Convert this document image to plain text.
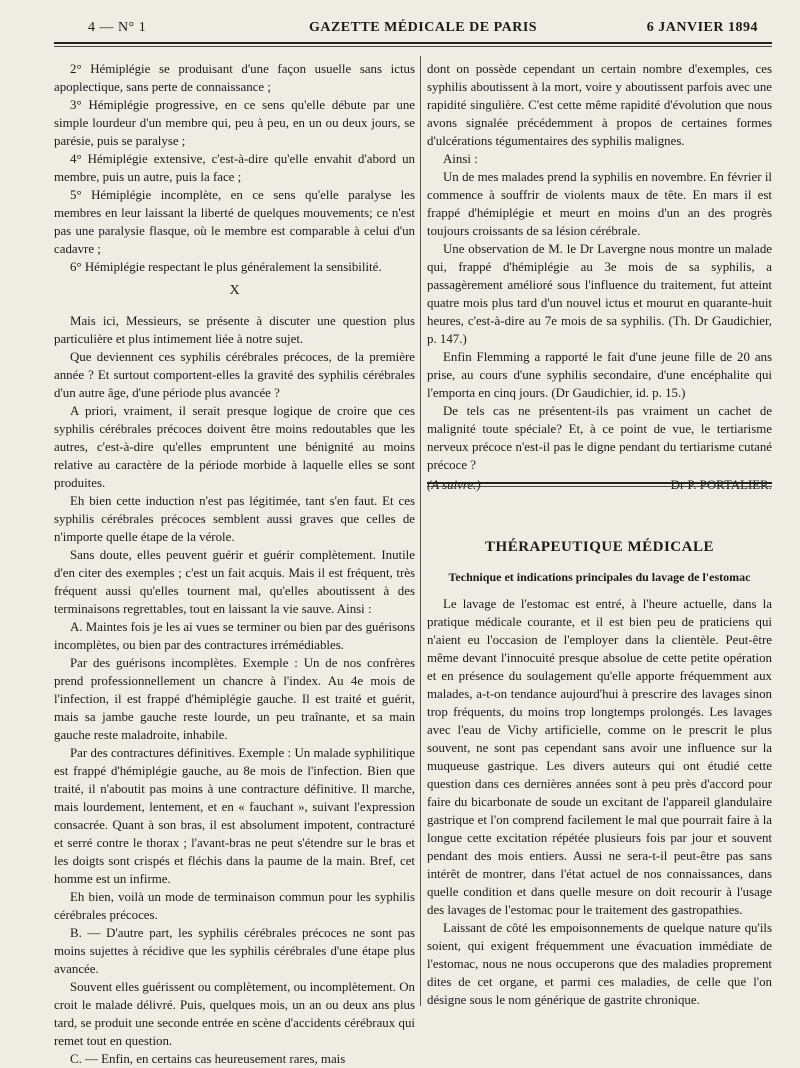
4 — N° 1	GAZETTE MÉDICALE DE PARIS	6 JANVIER 1894

2° Hémiplégie se produisant d'une façon usuelle sans ictus apoplectique, sans perte de connaissance ;

3° Hémiplégie progressive, en ce sens qu'elle débute par une simple lourdeur d'un membre qui, peu à peu, en un ou deux jours, se parésie, puis se paralyse ;

4° Hémiplégie extensive, c'est-à-dire qu'elle envahit d'abord un membre, puis un autre, puis la face ;

5° Hémiplégie incomplète, en ce sens qu'elle paralyse les membres en leur laissant la liberté de quelques mouvements; ce n'est pas une paralysie flasque, où le membre est comparable à celui d'un cadavre ;

6° Hémiplégie respectant le plus généralement la sensibilité.

X

Mais ici, Messieurs, se présente à discuter une question plus particulière et plus intimement liée à notre sujet.

Que deviennent ces syphilis cérébrales précoces, de la première année ? Et surtout comportent-elles la gravité des syphilis cérébrales d'un autre âge, d'une période plus avancée ?

A priori, vraiment, il serait presque logique de croire que ces syphilis cérébrales précoces doivent être moins redoutables que les autres, c'est-à-dire qu'elles empruntent une bénignité au moins relative au caractère de la période morbide à laquelle elles se sont produites.

Eh bien cette induction n'est pas légitimée, tant s'en faut. Et ces syphilis cérébrales précoces semblent aussi graves que celles de n'importe quelle étape de la vérole.

Sans doute, elles peuvent guérir et guérir complètement. Inutile d'en citer des exemples ; c'est un fait acquis. Mais il est fréquent, très fréquent aussi qu'elles tournent mal, qu'elles aboutissent à des terminaisons regrettables, tout en laissant la vie sauve. Ainsi :

A. Maintes fois je les ai vues se terminer ou bien par des guérisons incomplètes, ou bien par des contractures irrémédiables.

Par des guérisons incomplètes. Exemple : Un de nos confrères prend professionnellement un chancre à l'index. Au 4e mois de l'infection, il est frappé d'hémiplégie gauche. Il est traité et guérit, mais sa jambe gauche reste lourde, un peu traînante, et sa main gauche reste maladroite, inhabile.

Par des contractures définitives. Exemple : Un malade syphilitique est frappé d'hémiplégie gauche, au 8e mois de l'infection. Bien que traité, il n'aboutit pas moins à une contracture définitive. Il marche, mais lourdement, lentement, et en « fauchant », suivant l'expression consacrée. Quant à son bras, il est absolument impotent, contracturé et serré contre le thorax ; l'avant-bras ne peut s'étendre sur le bras et les doigts sont crispés et fléchis dans la paume de la main. Bref, cet homme est un infirme.

Eh bien, voilà un mode de terminaison commun pour les syphilis cérébrales précoces.

B. — D'autre part, les syphilis cérébrales précoces ne sont pas moins sujettes à récidive que les syphilis cérébrales d'une étape plus avancée.

Souvent elles guérissent ou complètement, ou incomplètement. On croit le malade délivré. Puis, quelques mois, un an ou deux ans plus tard, se produit une seconde entrée en scène d'accidents cérébraux qui remet tout en question.

C. — Enfin, en certains cas heureusement rares, mais

dont on possède cependant un certain nombre d'exemples, ces syphilis aboutissent à la mort, voire y aboutissent parfois avec une rapidité singulière. C'est cette même rapidité d'évolution que nous avons signalée précédemment à propos de certaines formes d'ulcérations tégumentaires des syphilis malignes.

Ainsi :

Un de mes malades prend la syphilis en novembre. En février il commence à souffrir de violents maux de tête. En mars il est frappé d'hémiplégie et meurt en moins d'un an des progrès toujours croissants de sa lésion cérébrale.

Une observation de M. le Dr Lavergne nous montre un malade qui, frappé d'hémiplégie au 3e mois de sa syphilis, a passagèrement amélioré sous l'influence du traitement, fut atteint quatre mois plus tard d'un nouvel ictus et mourut en quarante-huit heures, c'est-à-dire au 7e mois de sa syphilis. (Th. Dr Gaudichier, p. 147.)

Enfin Flemming a rapporté le fait d'une jeune fille de 20 ans prise, au cours d'une syphilis secondaire, d'une encéphalite qui l'emporta en cinq jours. (Dr Gaudichier, id. p. 15.)

De tels cas ne présentent-ils pas vraiment un cachet de malignité toute spéciale? Et, à ce point de vue, le tertiarisme nerveux précoce n'est-il pas le digne pendant du tertiarisme cutané précoce ?

(A suivre.)	Dr P. PORTALIER.
THÉRAPEUTIQUE MÉDICALE
Technique et indications principales du lavage de l'estomac

Le lavage de l'estomac est entré, à l'heure actuelle, dans la pratique médicale courante, et il est bien peu de praticiens qui n'aient eu l'occasion de l'employer dans la clientèle. Peut-être même devant l'innocuité presque absolue de cette petite opération et en présence du soulagement qu'elle apporte fréquemment aux malades, a-t-on tendance aujourd'hui à prescrire des lavages sinon trop fréquents, du moins trop longtemps prolongés. Les lavages avec l'eau de Vichy artificielle, comme on le prescrit le plus souvent, ne sont pas cependant sans avoir une influence sur la muqueuse gastrique. Les divers auteurs qui ont étudié cette question dans ces dernières années sont à peu près d'accord pour faire du bicarbonate de soude un excitant de l'appareil glandulaire gastrique et l'on comprend facilement le mal que pourrait faire à la longue cette excitation répétée plusieurs fois par jour et souvent pendant des mois entiers. Aussi ne sera-t-il peut-être pas sans intérêt de montrer, dans l'état actuel de nos connaissances, dans quelle condition et dans quelle mesure on doit recourir à l'usage des lavages de l'estomac pour le traitement des gastropathies.

Laissant de côté les empoisonnements de quelque nature qu'ils soient, qui exigent fréquemment une évacuation immédiate de l'estomac, nous ne nous occuperons que des maladies proprement dites de cet organe, et parmi ces maladies, de celle que l'on désigne sous le nom générique de gastrite chronique.
